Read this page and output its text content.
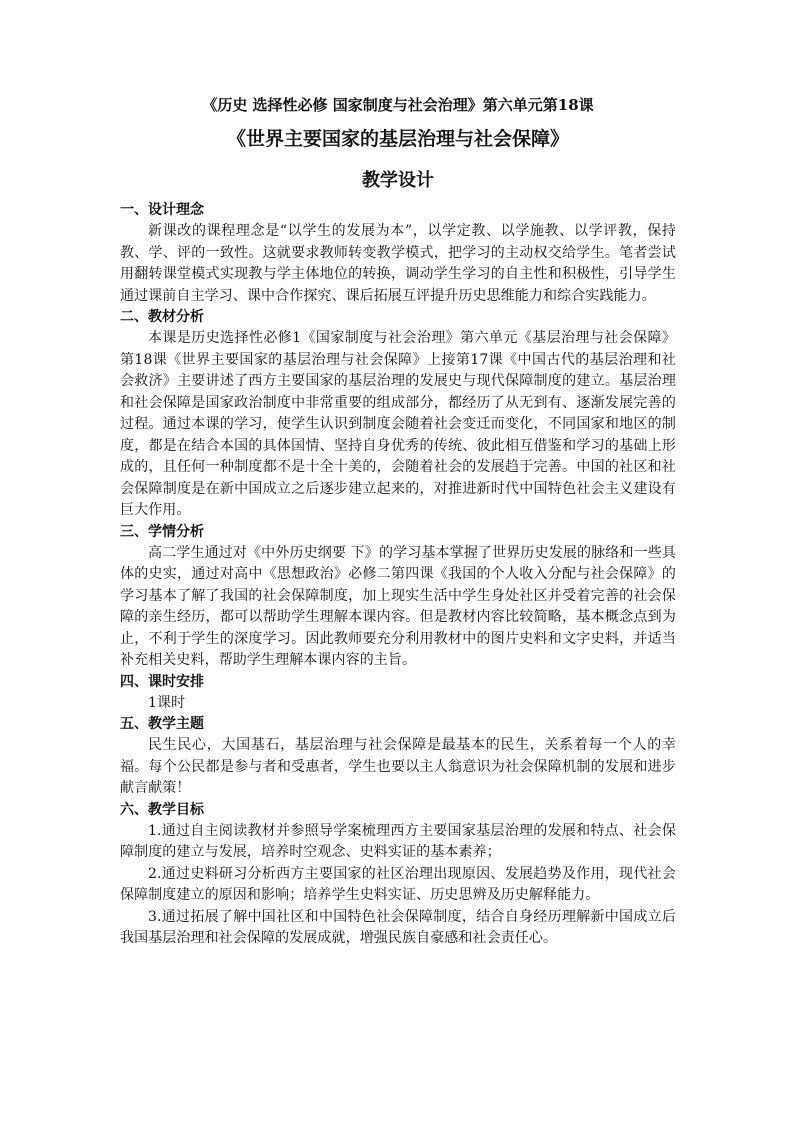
《历史 选择性必修 国家制度与社会治理》第六单元第18课

《世界主要国家的基层治理与社会保障》

教学设计

一、设计理念

新课改的课程理念是“以学生的发展为本”，以学定教、以学施教、以学评教，保持教、学、评的一致性。这就要求教师转变教学模式，把学习的主动权交给学生。笔者尝试用翻转课堂模式实现教与学主体地位的转换，调动学生学习的自主性和积极性，引导学生通过课前自主学习、课中合作探究、课后拓展互评提升历史思维能力和综合实践能力。

二、教材分析

本课是历史选择性必修1《国家制度与社会治理》第六单元《基层治理与社会保障》第18课《世界主要国家的基层治理与社会保障》上接第17课《中国古代的基层治理和社会救济》主要讲述了西方主要国家的基层治理的发展史与现代保障制度的建立。基层治理和社会保障是国家政治制度中非常重要的组成部分，都经历了从无到有、逐渐发展完善的过程。通过本课的学习，使学生认识到制度会随着社会变迁而变化，不同国家和地区的制度，都是在结合本国的具体国情、坚持自身优秀的传统、彼此相互借鉴和学习的基础上形成的，且任何一种制度都不是十全十美的，会随着社会的发展趋于完善。中国的社区和社会保障制度是在新中国成立之后逐步建立起来的，对推进新时代中国特色社会主义建设有巨大作用。

三、学情分析

高二学生通过对《中外历史纲要 下》的学习基本掌握了世界历史发展的脉络和一些具体的史实，通过对高中《思想政治》必修二第四课《我国的个人收入分配与社会保障》的学习基本了解了我国的社会保障制度，加上现实生活中学生身处社区并受着完善的社会保障的亲生经历，都可以帮助学生理解本课内容。但是教材内容比较简略，基本概念点到为止，不利于学生的深度学习。因此教师要充分利用教材中的图片史料和文字史料，并适当补充相关史料，帮助学生理解本课内容的主旨。

四、课时安排

1课时

五、教学主题

民生民心，大国基石，基层治理与社会保障是最基本的民生，关系着每一个人的幸福。每个公民都是参与者和受惠者，学生也要以主人翁意识为社会保障机制的发展和进步献言献策！

六、教学目标

1.通过自主阅读教材并参照导学案梳理西方主要国家基层治理的发展和特点、社会保障制度的建立与发展，培养时空观念、史料实证的基本素养；

2.通过史料研习分析西方主要国家的社区治理出现原因、发展趋势及作用，现代社会保障制度建立的原因和影响；培养学生史料实证、历史思辨及历史解释能力。

3.通过拓展了解中国社区和中国特色社会保障制度，结合自身经历理解新中国成立后我国基层治理和社会保障的发展成就，增强民族自豪感和社会责任心。
